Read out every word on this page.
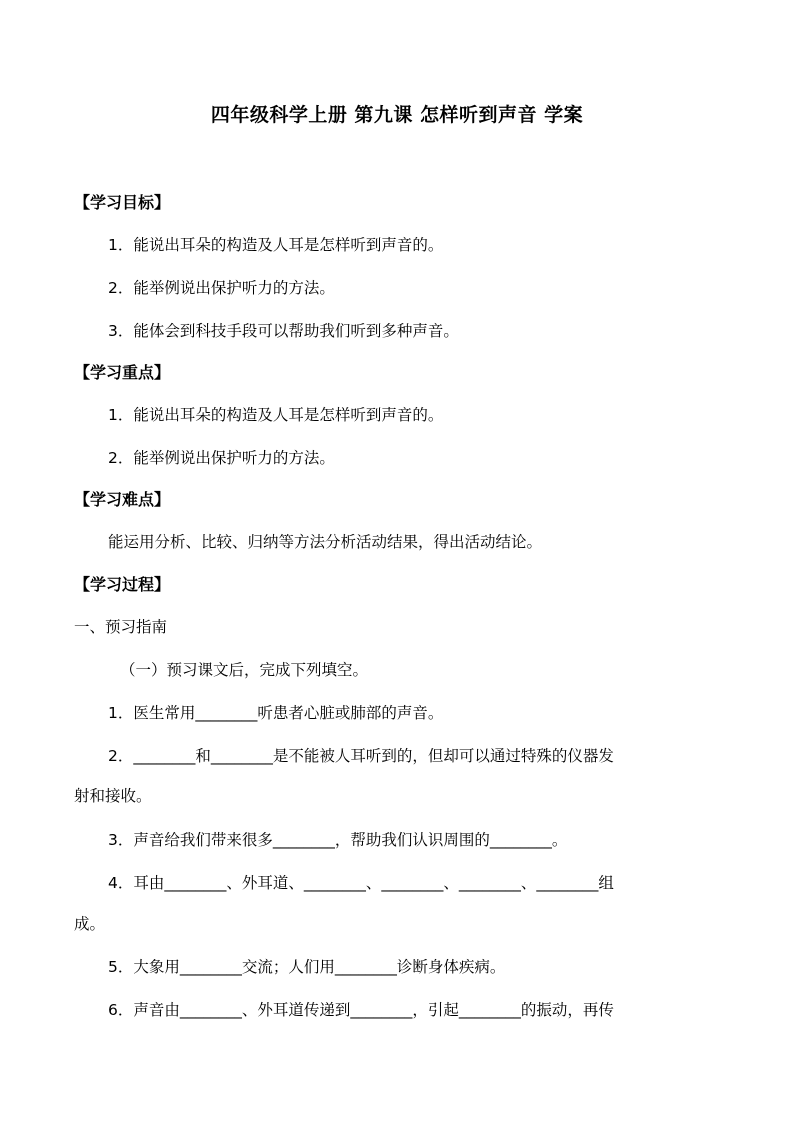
四年级科学上册 第九课 怎样听到声音 学案
【学习目标】
1．能说出耳朵的构造及人耳是怎样听到声音的。
2．能举例说出保护听力的方法。
3．能体会到科技手段可以帮助我们听到多种声音。
【学习重点】
1．能说出耳朵的构造及人耳是怎样听到声音的。
2．能举例说出保护听力的方法。
【学习难点】
能运用分析、比较、归纳等方法分析活动结果，得出活动结论。
【学习过程】
一、预习指南
（一）预习课文后，完成下列填空。
1．医生常用________听患者心脏或肺部的声音。
2．________和________是不能被人耳听到的，但却可以通过特殊的仪器发
射和接收。
3．声音给我们带来很多________，帮助我们认识周围的________。
4．耳由________、外耳道、________、________、________、________组
成。
5．大象用________交流；人们用________诊断身体疾病。
6．声音由________、外耳道传递到________，引起________的振动，再传
